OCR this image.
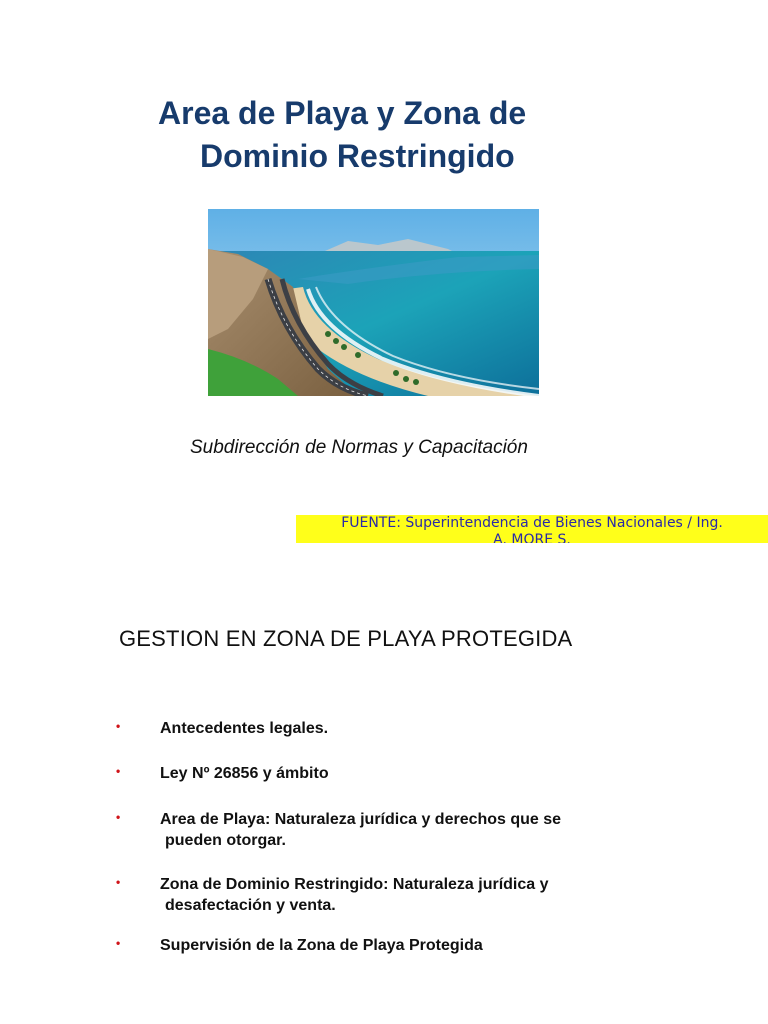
Area de Playa y Zona de
Dominio Restringido
Subdirección de Normas y Capacitación
FUENTE: Superintendencia de Bienes Nacionales / Ing.
A. MORE S.
GESTION EN ZONA DE PLAYA PROTEGIDA
• Antecedentes legales.
• Ley Nº 26856 y ámbito
• Area de Playa: Naturaleza jurídica y derechos que se
pueden otorgar.
• Zona de Dominio Restringido: Naturaleza jurídica y
desafectación y venta.
• Supervisión de la Zona de Playa Protegida
